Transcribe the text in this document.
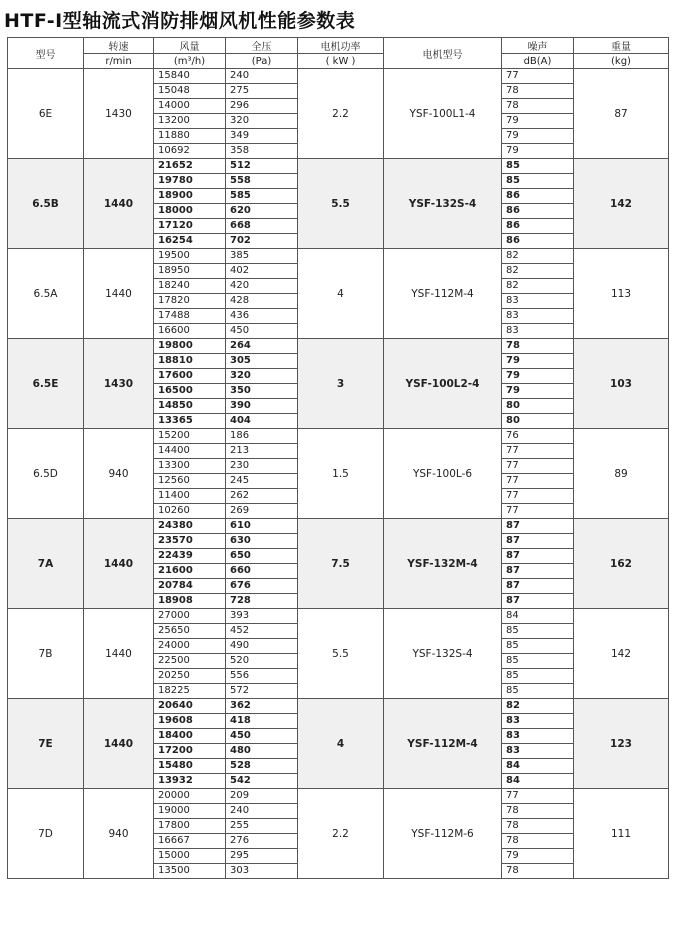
HTF-I型轴流式消防排烟风机性能参数表
型号	转速	风量	全压	电机功率	电机型号	噪声	重量
	r/min	(m³/h)	(Pa)	( kW )		dB(A)	(kg)
6E	1430	15840	240	2.2	YSF-100L1-4	77	87
		15048	275			78	
		14000	296			78	
		13200	320			79	
		11880	349			79	
		10692	358			79	
6.5B	1440	21652	512	5.5	YSF-132S-4	85	142
		19780	558			85	
		18900	585			86	
		18000	620			86	
		17120	668			86	
		16254	702			86	
6.5A	1440	19500	385	4	YSF-112M-4	82	113
		18950	402			82	
		18240	420			82	
		17820	428			83	
		17488	436			83	
		16600	450			83	
6.5E	1430	19800	264	3	YSF-100L2-4	78	103
		18810	305			79	
		17600	320			79	
		16500	350			79	
		14850	390			80	
		13365	404			80	
6.5D	940	15200	186	1.5	YSF-100L-6	76	89
		14400	213			77	
		13300	230			77	
		12560	245			77	
		11400	262			77	
		10260	269			77	
7A	1440	24380	610	7.5	YSF-132M-4	87	162
		23570	630			87	
		22439	650			87	
		21600	660			87	
		20784	676			87	
		18908	728			87	
7B	1440	27000	393	5.5	YSF-132S-4	84	142
		25650	452			85	
		24000	490			85	
		22500	520			85	
		20250	556			85	
		18225	572			85	
7E	1440	20640	362	4	YSF-112M-4	82	123
		19608	418			83	
		18400	450			83	
		17200	480			83	
		15480	528			84	
		13932	542			84	
7D	940	20000	209	2.2	YSF-112M-6	77	111
		19000	240			78	
		17800	255			78	
		16667	276			78	
		15000	295			79	
		13500	303			78	
